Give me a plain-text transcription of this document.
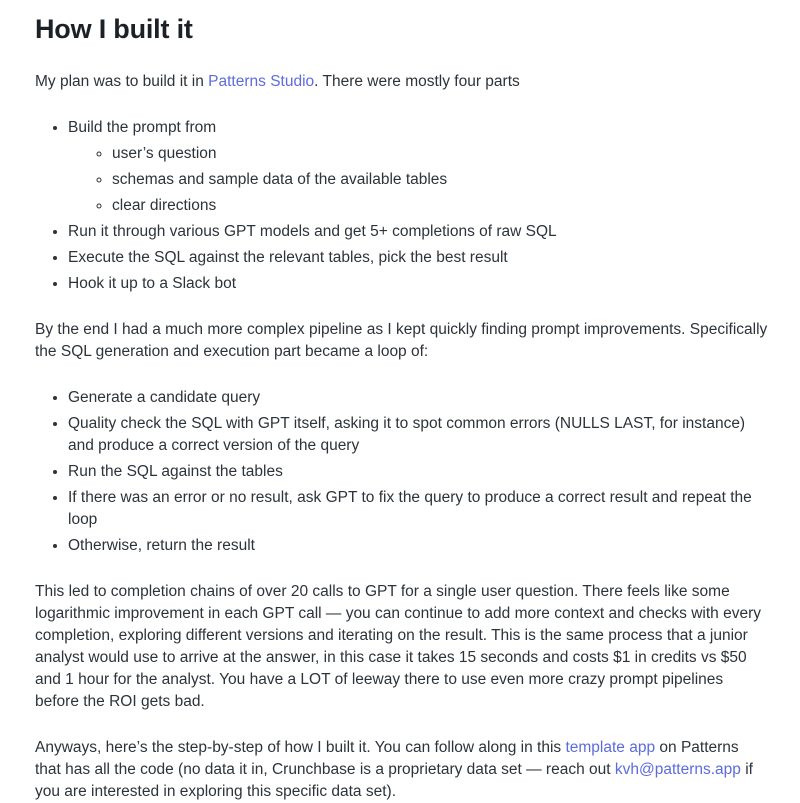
How I built it

My plan was to build it in Patterns Studio. There were mostly four parts

• Build the prompt from
◦ user’s question
◦ schemas and sample data of the available tables
◦ clear directions
• Run it through various GPT models and get 5+ completions of raw SQL
• Execute the SQL against the relevant tables, pick the best result
• Hook it up to a Slack bot

By the end I had a much more complex pipeline as I kept quickly finding prompt improvements. Specifically the SQL generation and execution part became a loop of:

• Generate a candidate query
• Quality check the SQL with GPT itself, asking it to spot common errors (NULLS LAST, for instance) and produce a correct version of the query
• Run the SQL against the tables
• If there was an error or no result, ask GPT to fix the query to produce a correct result and repeat the loop
• Otherwise, return the result

This led to completion chains of over 20 calls to GPT for a single user question. There feels like some logarithmic improvement in each GPT call — you can continue to add more context and checks with every completion, exploring different versions and iterating on the result. This is the same process that a junior analyst would use to arrive at the answer, in this case it takes 15 seconds and costs $1 in credits vs $50 and 1 hour for the analyst. You have a LOT of leeway there to use even more crazy prompt pipelines before the ROI gets bad.

Anyways, here’s the step-by-step of how I built it. You can follow along in this template app on Patterns that has all the code (no data it in, Crunchbase is a proprietary data set — reach out kvh@patterns.app if you are interested in exploring this specific data set).
